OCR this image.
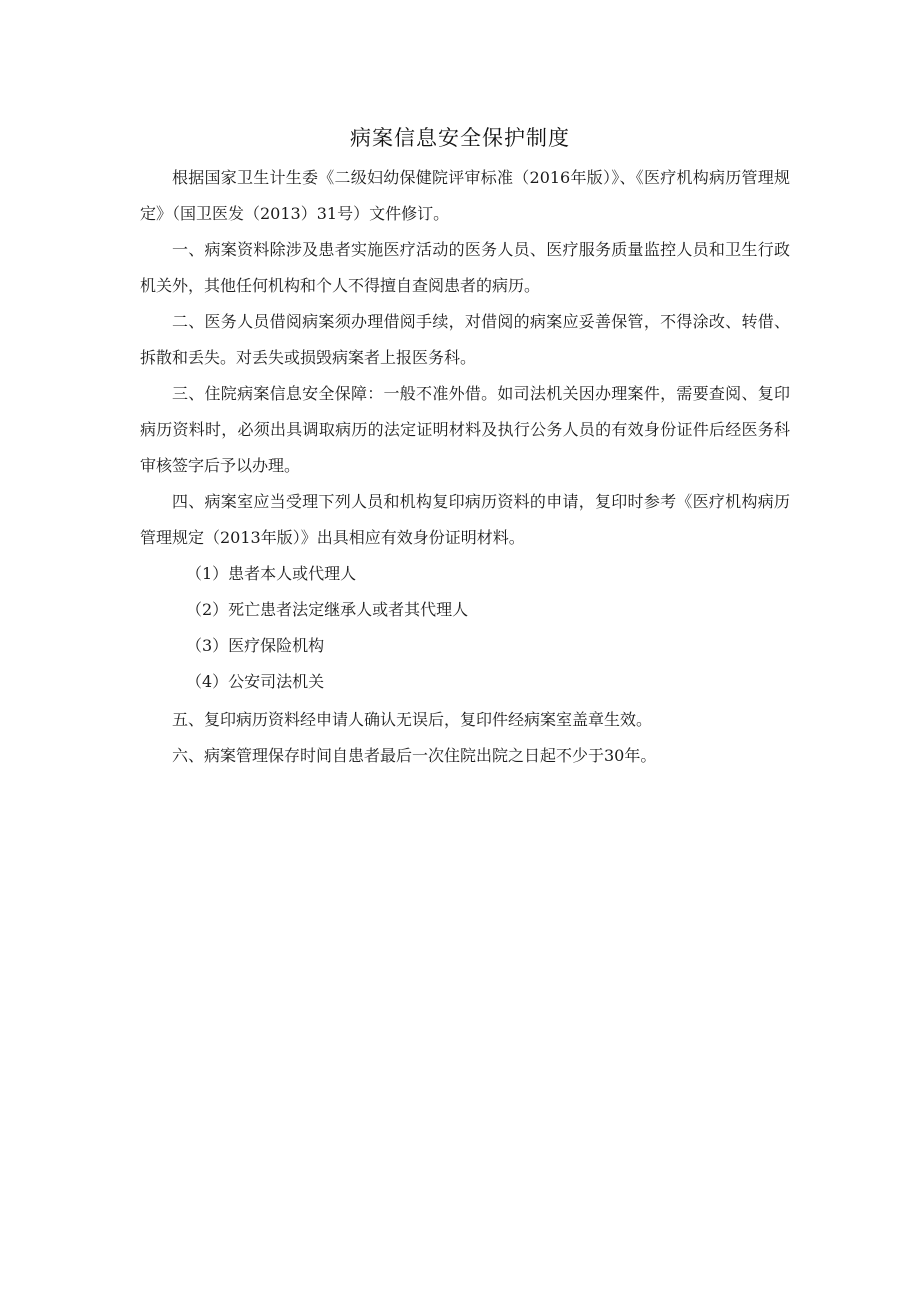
病案信息安全保护制度

根据国家卫生计生委《二级妇幼保健院评审标准（2016年版）》、《医疗机构病历管理规定》（国卫医发（2013）31号）文件修订。

一、病案资料除涉及患者实施医疗活动的医务人员、医疗服务质量监控人员和卫生行政机关外，其他任何机构和个人不得擅自查阅患者的病历。

二、医务人员借阅病案须办理借阅手续，对借阅的病案应妥善保管，不得涂改、转借、拆散和丢失。对丢失或损毁病案者上报医务科。

三、住院病案信息安全保障：一般不准外借。如司法机关因办理案件，需要查阅、复印病历资料时，必须出具调取病历的法定证明材料及执行公务人员的有效身份证件后经医务科审核签字后予以办理。

四、病案室应当受理下列人员和机构复印病历资料的申请，复印时参考《医疗机构病历管理规定（2013年版）》出具相应有效身份证明材料。

（1）患者本人或代理人

（2）死亡患者法定继承人或者其代理人

（3）医疗保险机构

（4）公安司法机关

五、复印病历资料经申请人确认无误后，复印件经病案室盖章生效。

六、病案管理保存时间自患者最后一次住院出院之日起不少于30年。
